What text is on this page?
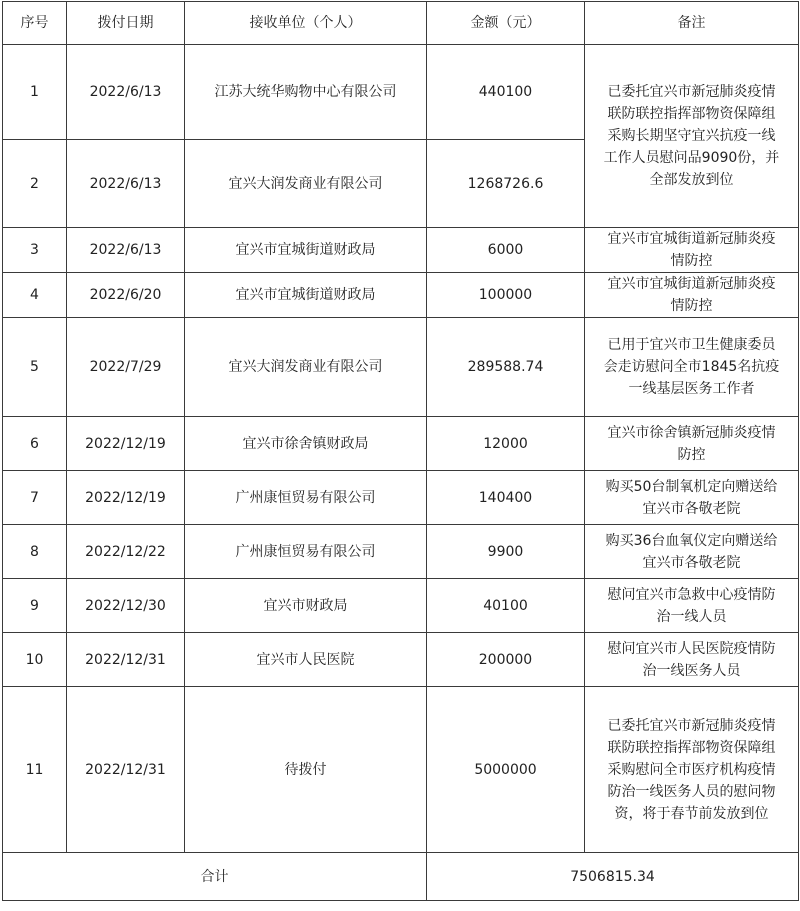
序号	拨付日期	接收单位（个人）	金额（元）	备注
1	2022/6/13	江苏大统华购物中心有限公司	440100	已委托宜兴市新冠肺炎疫情
联防联控指挥部物资保障组
采购长期坚守宜兴抗疫一线
工作人员慰问品9090份，并
全部发放到位

2	2022/6/13	宜兴大润发商业有限公司	1268726.6	
3	2022/6/13	宜兴市宜城街道财政局	6000	宜兴市宜城街道新冠肺炎疫
情防控

4	2022/6/20	宜兴市宜城街道财政局	100000	宜兴市宜城街道新冠肺炎疫
情防控

5	2022/7/29	宜兴大润发商业有限公司	289588.74	已用于宜兴市卫生健康委员
会走访慰问全市1845名抗疫
一线基层医务工作者

6	2022/12/19	宜兴市徐舍镇财政局	12000	宜兴市徐舍镇新冠肺炎疫情
防控

7	2022/12/19	广州康恒贸易有限公司	140400	购买50台制氧机定向赠送给
宜兴市各敬老院

8	2022/12/22	广州康恒贸易有限公司	9900	购买36台血氧仪定向赠送给
宜兴市各敬老院

9	2022/12/30	宜兴市财政局	40100	慰问宜兴市急救中心疫情防
治一线人员

10	2022/12/31	宜兴市人民医院	200000	慰问宜兴市人民医院疫情防
治一线医务人员

11	2022/12/31	待拨付	5000000	已委托宜兴市新冠肺炎疫情
联防联控指挥部物资保障组
采购慰问全市医疗机构疫情
防治一线医务人员的慰问物
资，将于春节前发放到位

合计			7506815.34	
